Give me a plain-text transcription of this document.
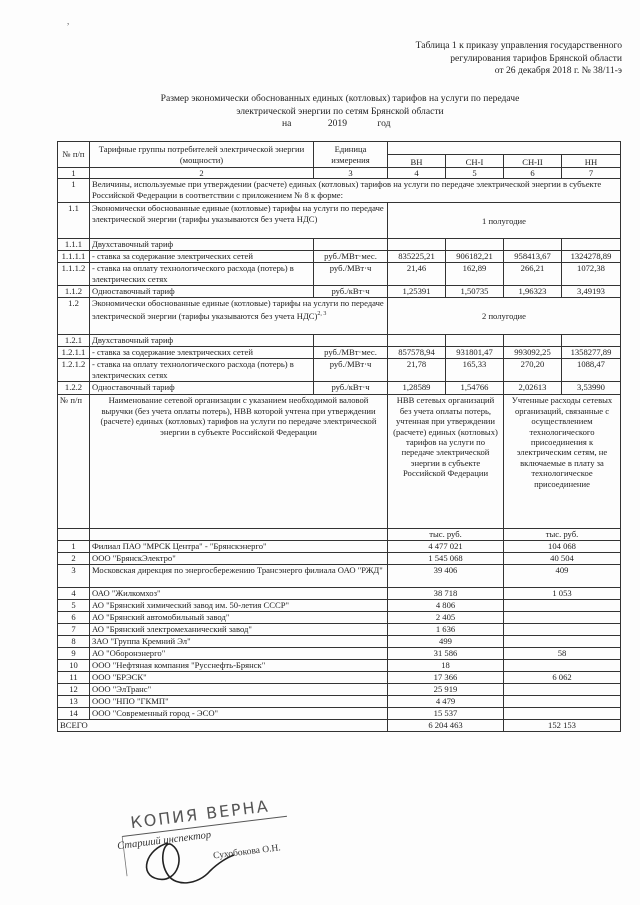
,
Таблица 1 к приказу управления государственного
регулирования тарифов Брянской области
от 26 декабря 2018 г. № 38/11-э
Размер экономически обоснованных единых (котловых) тарифов на услуги по передаче
электрической энергии по сетям Брянской области
на	2019	год
№ п/п	Тарифные группы потребителей электрической энергии (мощности)	Единица измерения				
			ВН	СН-I	СН-II	НН
1	2	3	4	5	6	7
1	Величины, используемые при утверждении (расчете) единых (котловых) тарифов на услуги по передаче электрической энергии в субъекте Российской Федерации в соответствии с приложением № 8 к форме:					
1.1	Экономически обоснованные единые (котловые) тарифы на услуги по передаче электрической энергии (тарифы указываются без учета НДС)		1 полугодие			
1.1.1	Двухставочный тариф					
1.1.1.1	- ставка за содержание электрических сетей	руб./МВт·мес.	835225,21	906182,21	958413,67	1324278,89
1.1.1.2	- ставка на оплату технологического расхода (потерь) в электрических сетях	руб./МВт·ч	21,46	162,89	266,21	1072,38
1.1.2	Одноставочный тариф	руб./кВт·ч	1,25391	1,50735	1,96323	3,49193
1.2	Экономически обоснованные единые (котловые) тарифы на услуги по передаче электрической энергии (тарифы указываются без учета НДС)$^{2, 3}$		2 полугодие			
1.2.1	Двухставочный тариф					
1.2.1.1	- ставка за содержание электрических сетей	руб./МВт·мес.	857578,94	931801,47	993092,25	1358277,89
1.2.1.2	- ставка на оплату технологического расхода (потерь) в электрических сетях	руб./МВт·ч	21,78	165,33	270,20	1088,47
1.2.2	Одноставочный тариф	руб./кВт·ч	1,28589	1,54766	2,02613	3,53990
№ п/п	Наименование сетевой организации с указанием необходимой валовой выручки (без учета оплаты потерь), НВВ которой учтена при утверждении (расчете) единых (котловых) тарифов на услуги по передаче электрической энергии в субъекте Российской Федерации		НВВ сетевых организаций без учета оплаты потерь, учтенная при утверждении (расчете) единых (котловых) тарифов на услуги по передаче электрической энергии в субъекте Российской Федерации		Учтенные расходы сетевых организаций, связанные с осуществлением технологического присоединения к электрическим сетям, не включаемые в плату за технологическое присоединение	
			тыс. руб.		тыс. руб.	
1	Филиал ПАО "МРСК Центра" - "Брянскэнерго"		4 477 021		104 068	
2	ООО "БрянскЭлектро"		1 545 068		40 504	
3	Московская дирекция по энергосбережению Трансэнерго филиала ОАО "РЖД"		39 406		409	
4	ОАО "Жилкомхоз"		38 718		1 053	
5	АО "Брянский химический завод им. 50-летия СССР"		4 806			
6	АО "Брянский автомобильный завод"		2 405			
7	АО "Брянский электромеханический завод"		1 636			
8	ЗАО "Группа Кремний Эл"		499			
9	АО "Оборонэнерго"		31 586		58	
10	ООО "Нефтяная компания "Русснефть-Брянск"		18			
11	ООО "БРЭСК"		17 366		6 062	
12	ООО "ЭлТранс"		25 919			
13	ООО "НПО "ГКМП"		4 479			
14	ООО "Современный город - ЭСО"		15 537			
ВСЕГО			6 204 463		152 153	
КОПИЯ ВЕРНА
Старший инспектор
Сухобокова О.Н.
